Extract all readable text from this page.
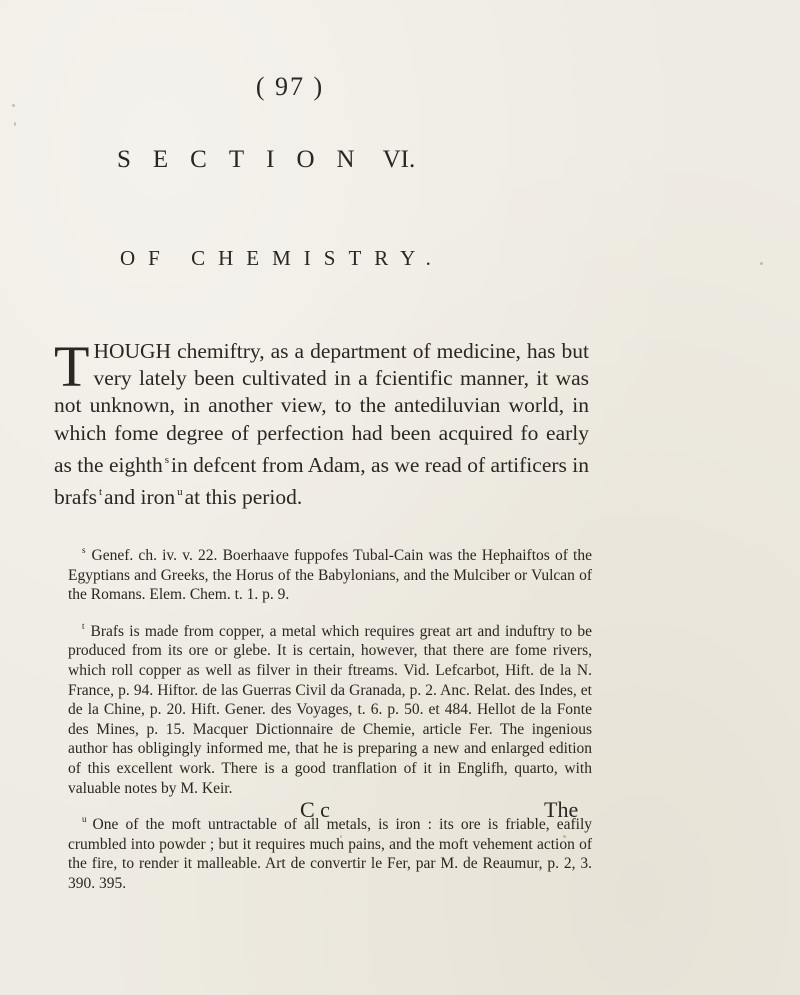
( 97 )
SECTION VI.
OF CHEMISTRY.
THOUGH chemiftry, as a department of medicine, has but very lately been cultivated in a fcientific manner, it was not unknown, in another view, to the antediluvian world, in which fome degree of perfection had been acquired fo early as the eighth $^s$in defcent from Adam, as we read of artificers in brafs $^t$and iron $^u$at this period.

$^s$ Genef. ch. iv. v. 22. Boerhaave fuppofes Tubal-Cain was the Hephaiftos of the Egyptians and Greeks, the Horus of the Babylonians, and the Mulciber or Vulcan of the Romans. Elem. Chem. t. 1. p. 9.

$^t$ Brafs is made from copper, a metal which requires great art and induftry to be produced from its ore or glebe. It is certain, however, that there are fome rivers, which roll copper as well as filver in their ftreams. Vid. Lefcarbot, Hift. de la N. France, p. 94. Hiftor. de las Guerras Civil da Granada, p. 2. Anc. Relat. des Indes, et de la Chine, p. 20. Hift. Gener. des Voyages, t. 6. p. 50. et 484. Hellot de la Fonte des Mines, p. 15. Macquer Dictionnaire de Chemie, article Fer. The ingenious author has obligingly informed me, that he is preparing a new and enlarged edition of this excellent work. There is a good tranflation of it in Englifh, quarto, with valuable notes by M. Keir.

$^u$ One of the moft untractable of all metals, is iron : its ore is friable, eafily crumbled into powder ; but it requires much pains, and the moft vehement action of the fire, to render it malleable. Art de convertir le Fer, par M. de Reaumur, p. 2, 3. 390. 395.

C c	The
